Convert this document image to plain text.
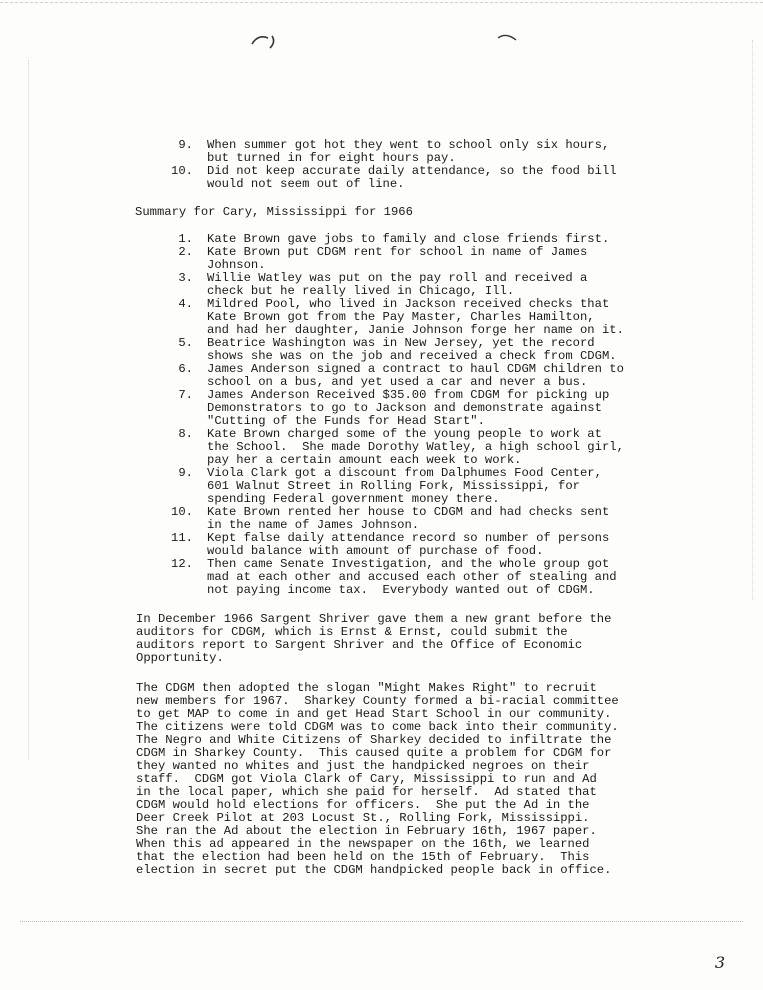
9. When summer got hot they went to school only six hours,
but turned in for eight hours pay.
10. Did not keep accurate daily attendance, so the food bill
would not seem out of line.
Summary for Cary, Mississippi for 1966
1. Kate Brown gave jobs to family and close friends first.
2. Kate Brown put CDGM rent for school in name of James
Johnson.
3. Willie Watley was put on the pay roll and received a
check but he really lived in Chicago, Ill.
4. Mildred Pool, who lived in Jackson received checks that
Kate Brown got from the Pay Master, Charles Hamilton,
and had her daughter, Janie Johnson forge her name on it.
5. Beatrice Washington was in New Jersey, yet the record
shows she was on the job and received a check from CDGM.
6. James Anderson signed a contract to haul CDGM children to
school on a bus, and yet used a car and never a bus.
7. James Anderson Received $35.00 from CDGM for picking up
Demonstrators to go to Jackson and demonstrate against
"Cutting of the Funds for Head Start".
8. Kate Brown charged some of the young people to work at
the School.  She made Dorothy Watley, a high school girl,
pay her a certain amount each week to work.
9. Viola Clark got a discount from Dalphumes Food Center,
601 Walnut Street in Rolling Fork, Mississippi, for
spending Federal government money there.
10. Kate Brown rented her house to CDGM and had checks sent
in the name of James Johnson.
11. Kept false daily attendance record so number of persons
would balance with amount of purchase of food.
12. Then came Senate Investigation, and the whole group got
mad at each other and accused each other of stealing and
not paying income tax.  Everybody wanted out of CDGM.
In December 1966 Sargent Shriver gave them a new grant before the
auditors for CDGM, which is Ernst & Ernst, could submit the
auditors report to Sargent Shriver and the Office of Economic
Opportunity.
The CDGM then adopted the slogan "Might Makes Right" to recruit
new members for 1967.  Sharkey County formed a bi-racial committee
to get MAP to come in and get Head Start School in our community.
The citizens were told CDGM was to come back into their community.
The Negro and White Citizens of Sharkey decided to infiltrate the
CDGM in Sharkey County.  This caused quite a problem for CDGM for
they wanted no whites and just the handpicked negroes on their
staff.  CDGM got Viola Clark of Cary, Mississippi to run and Ad
in the local paper, which she paid for herself.  Ad stated that
CDGM would hold elections for officers.  She put the Ad in the
Deer Creek Pilot at 203 Locust St., Rolling Fork, Mississippi.
She ran the Ad about the election in February 16th, 1967 paper.
When this ad appeared in the newspaper on the 16th, we learned
that the election had been held on the 15th of February.  This
election in secret put the CDGM handpicked people back in office.
3
